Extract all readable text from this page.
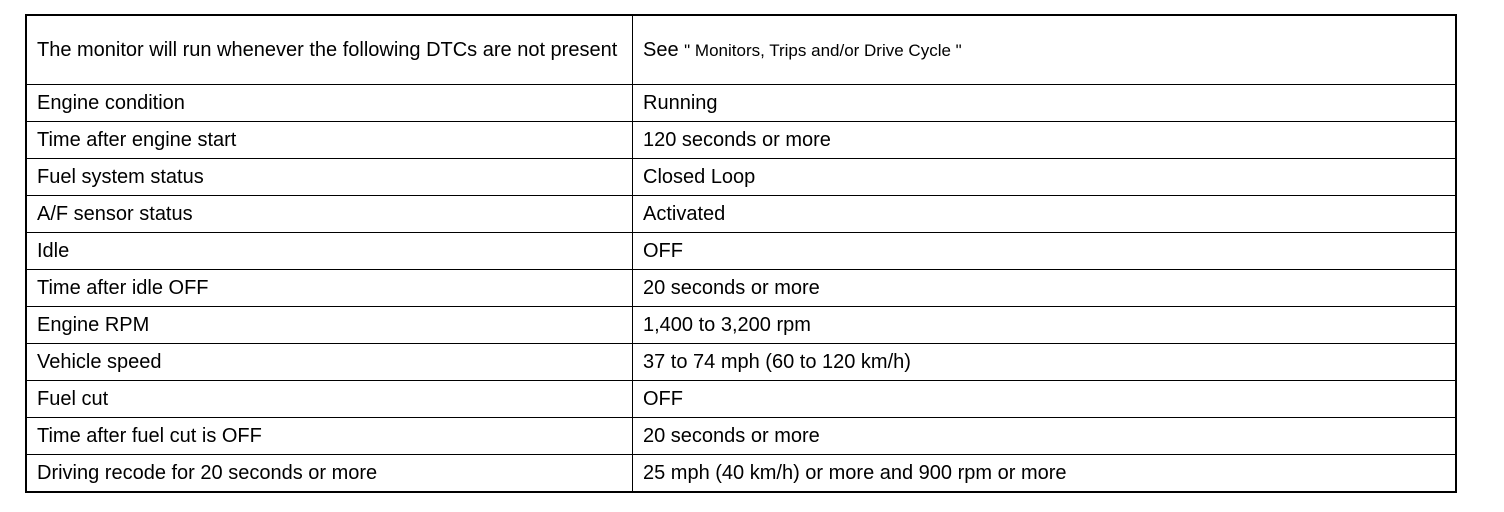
The monitor will run whenever the following DTCs are not present	See " Monitors, Trips and/or Drive Cycle "
Engine condition	Running
Time after engine start	120 seconds or more
Fuel system status	Closed Loop
A/F sensor status	Activated
Idle	OFF
Time after idle OFF	20 seconds or more
Engine RPM	1,400 to 3,200 rpm
Vehicle speed	37 to 74 mph (60 to 120 km/h)
Fuel cut	OFF
Time after fuel cut is OFF	20 seconds or more
Driving recode for 20 seconds or more	25 mph (40 km/h) or more and 900 rpm or more
